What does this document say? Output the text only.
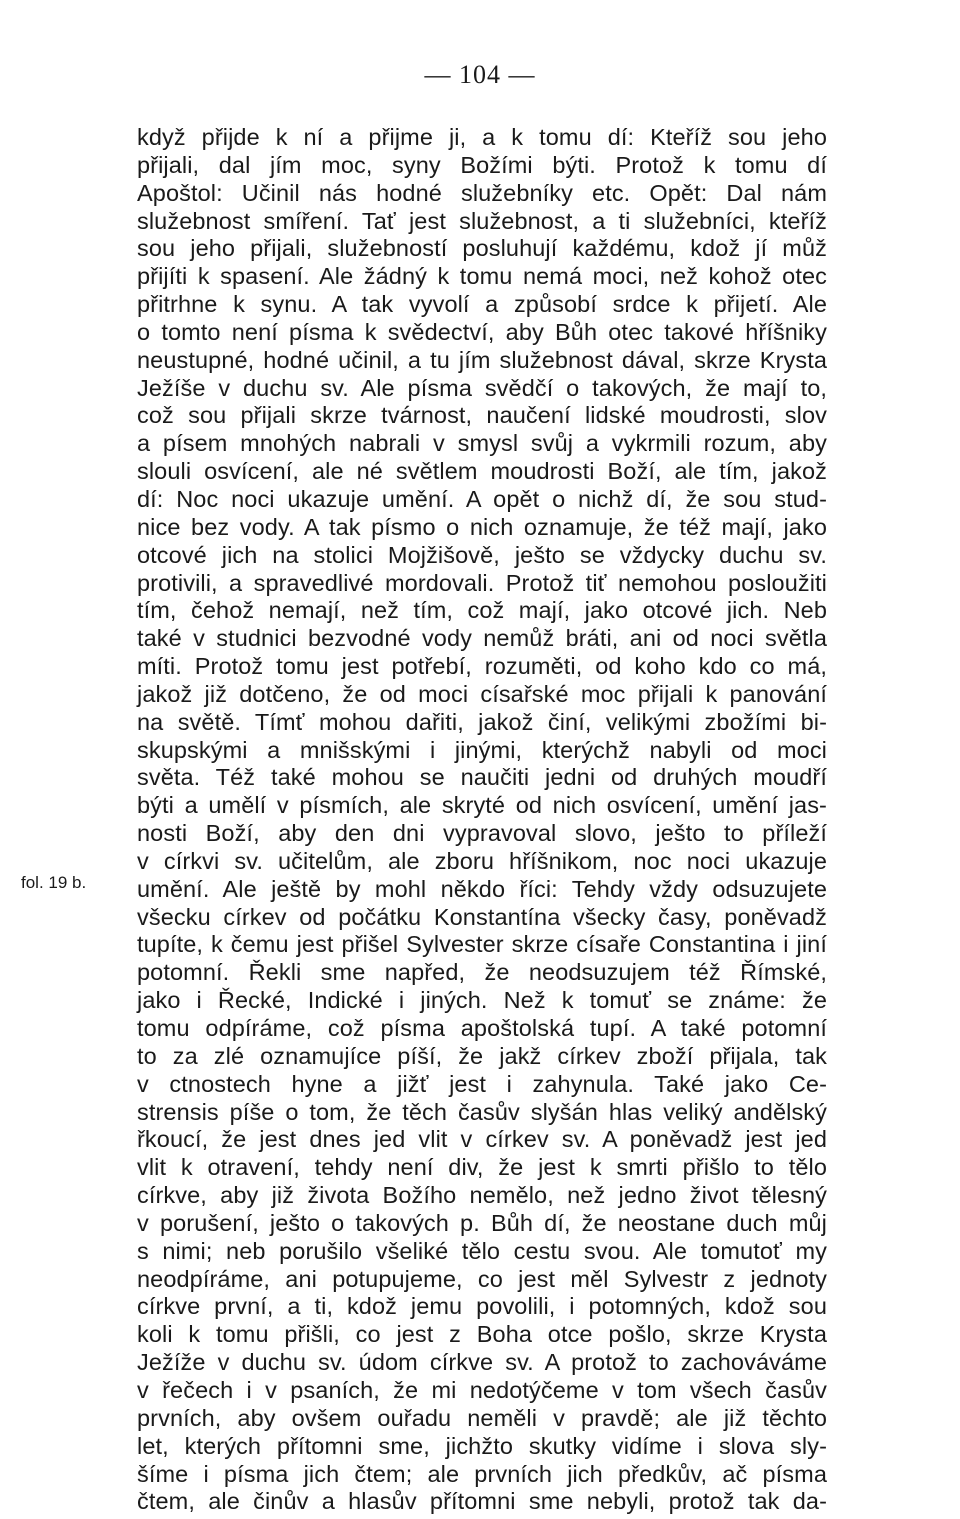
— 104 —
fol. 19 b.
když přijde k ní a přijme ji, a k tomu dí: Kteříž sou jeho
přijali, dal jím moc, syny Božími býti. Protož k tomu dí
Apoštol: Učinil nás hodné služebníky etc. Opět: Dal nám
služebnost smíření. Tať jest služebnost, a ti služebníci, kteříž
sou jeho přijali, služebností posluhují každému, kdož jí můž
přijíti k spasení. Ale žádný k tomu nemá moci, než kohož otec
přitrhne k synu. A tak vyvolí a způsobí srdce k přijetí. Ale
o tomto není písma k svědectví, aby Bůh otec takové hříšniky
neustupné, hodné učinil, a tu jím služebnost dával, skrze Krysta
Ježíše v duchu sv. Ale písma svědčí o takových, že mají to,
což sou přijali skrze tvárnost, naučení lidské moudrosti, slov
a písem mnohých nabrali v smysl svůj a vykrmili rozum, aby
slouli osvícení, ale né světlem moudrosti Boží, ale tím, jakož
dí: Noc noci ukazuje umění. A opět o nichž dí, že sou stud-
nice bez vody. A tak písmo o nich oznamuje, že též mají, jako
otcové jich na stolici Mojžišově, ješto se vždycky duchu sv.
protivili, a spravedlivé mordovali. Protož tiť nemohou posloužiti
tím, čehož nemají, než tím, což mají, jako otcové jich. Neb
také v studnici bezvodné vody nemůž bráti, ani od noci světla
míti. Protož tomu jest potřebí, rozuměti, od koho kdo co má,
jakož již dotčeno, že od moci císařské moc přijali k panování
na světě. Tímť mohou dařiti, jakož činí, velikými zbožími bi-
skupskými a mnišskými i jinými, kterýchž nabyli od moci
světa. Též také mohou se naučiti jedni od druhých moudří
býti a umělí v písmích, ale skryté od nich osvícení, umění jas-
nosti Boží, aby den dni vypravoval slovo, ješto to příleží
v církvi sv. učitelům, ale zboru hříšnikom, noc noci ukazuje
umění. Ale ještě by mohl někdo říci: Tehdy vždy odsuzujete
všecku církev od počátku Konstantína všecky časy, poněvadž
tupíte, k čemu jest přišel Sylvester skrze císaře Constantina i jiní
potomní. Řekli sme napřed, že neodsuzujem též Římské,
jako i Řecké, Indické i jiných. Než k tomuť se známe: že
tomu odpíráme, což písma apoštolská tupí. A také potomní
to za zlé oznamujíce píší, že jakž církev zboží přijala, tak
v ctnostech hyne a jižť jest i zahynula. Také jako Ce-
strensis píše o tom, že těch časův slyšán hlas veliký andělský
řkoucí, že jest dnes jed vlit v církev sv. A poněvadž jest jed
vlit k otravení, tehdy není div, že jest k smrti přišlo to tělo
církve, aby již života Božího nemělo, než jedno život tělesný
v porušení, ješto o takových p. Bůh dí, že neostane duch můj
s nimi; neb porušilo všeliké tělo cestu svou. Ale tomutoť my
neodpíráme, ani potupujeme, co jest měl Sylvestr z jednoty
církve první, a ti, kdož jemu povolili, i potomných, kdož sou
koli k tomu přišli, co jest z Boha otce pošlo, skrze Krysta
Ježíže v duchu sv. údom církve sv. A protož to zachováváme
v řečech i v psaních, že mi nedotýčeme v tom všech časův
prvních, aby ovšem ouřadu neměli v pravdě; ale již těchto
let, kterých přítomni sme, jichžto skutky vidíme i slova sly-
šíme i písma jich čtem; ale prvních jich předkův, ač písma
čtem, ale činův a hlasův přítomni sme nebyli, protož tak da-
